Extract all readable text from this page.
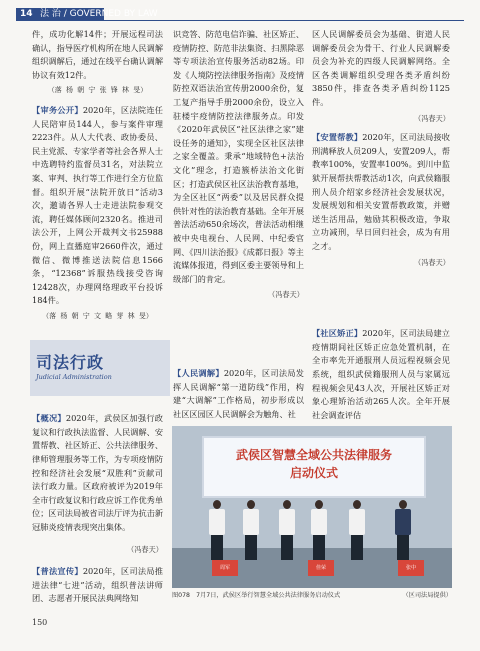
14 法 治 / GOVERNED BY LAW

件，成功化解14件；开展远程司法确认，指导医疗机构所在地人民调解组织调解后，通过在线平台确认调解协议有效12件。

（落 杨 朝 宁 张 锋 林 旻）

【审务公开】2020年，区法院连任人民陪审员144人，参与案件审理2223件。从人大代表、政协委员、民主党派、专家学者等社会各界人士中选聘特约监督员31名，对法院立案、审判、执行等工作进行全方位监督。组织开展“法院开放日”活动3次，邀请各界人士走进法院参观交流，聘任媒体顾问2320名。推进司法公开，上网公开裁判文书25988份，网上直播庭审2660件次，通过微信、微博推送法院信息1566条，“12368”诉服热线接受咨询12428次，办理网络理政平台投诉184件。

（落 杨 朝 宁 文 略 芽 林 旻）
司法行政
Judicial Administration

【概况】2020年，武侯区加强行政复议和行政执法监督、人民调解、安置帮教、社区矫正、公共法律服务、律师管理服务等工作，为专项疫情防控和经济社会发展“双胜利”贡献司法行政力量。区政府被评为2019年全市行政复议和行政应诉工作优秀单位；区司法局被省司法厅评为抗击新冠肺炎疫情表现突出集体。

（冯春天）

【普法宣传】2020年，区司法局推进法律“七进”活动，组织普法讲师团、志愿者开展民法典网络知

识竞答、防范电信诈骗、社区矫正、疫情防控、防范非法集资、扫黑除恶等专项法治宣传服务活动82场。印发《人境防控法律服务指南》及疫情防控双语法治宣传册2000余份，复工复产指导手册2000余份，设立入驻楼宇疫情防控法律服务点。印发《2020年武侯区“社区法律之家”建设任务的通知》，实现全区社区法律之家全覆盖。秉承“地域特色+法治文化”理念，打造簇桥法治文化街区；打造武侯区社区法治教育基地，为全区社区“两委”以及居民群众提供针对性的法治教育基础。全年开展普法活动650余场次，普法活动相继被中央电视台、人民网、中纪委官网、《四川法治报》《成都日报》等主流媒体报道，得到区委主要领导和上级部门的肯定。

（冯春天）

【人民调解】2020年，区司法局发挥人民调解“第一道防线”作用，构建“大调解”工作格局，初步形成以社区区园区人民调解会为触角、社

区人民调解委员会为基础、街道人民调解委员会为骨干、行业人民调解委员会为补充的四级人民调解网络。全区各类调解组织受理各类矛盾纠纷3850件，排查各类矛盾纠纷1125件。

（冯春天）

【安置帮教】2020年，区司法局接收刑满释放人员209人，安置209人，帮教率100%，安置率100%。到川中监狱开展帮扶帮教活动1次，向武侯籍服刑人员介绍家乡经济社会发展状况，发展规划和相关安置帮教政策，并赠送生活用品，勉励其积极改造，争取立功减刑，早日回归社会，成为有用之才。

（冯春天）

【社区矫正】2020年，区司法局建立疫情期间社区矫正应急处置机制，在全市率先开通服刑人员远程视频会见系统，组织武侯籍服刑人员与家属远程视频会见43人次，开展社区矫正对象心理矫治活动265人次。全年开展社会调查评估

武侯区智慧全域公共法律服务
启动仪式
周军	佳荣	张中
图078　7月7日，武侯区举行智慧全域公共法律服务启动仪式	（区司法局提供）
150
